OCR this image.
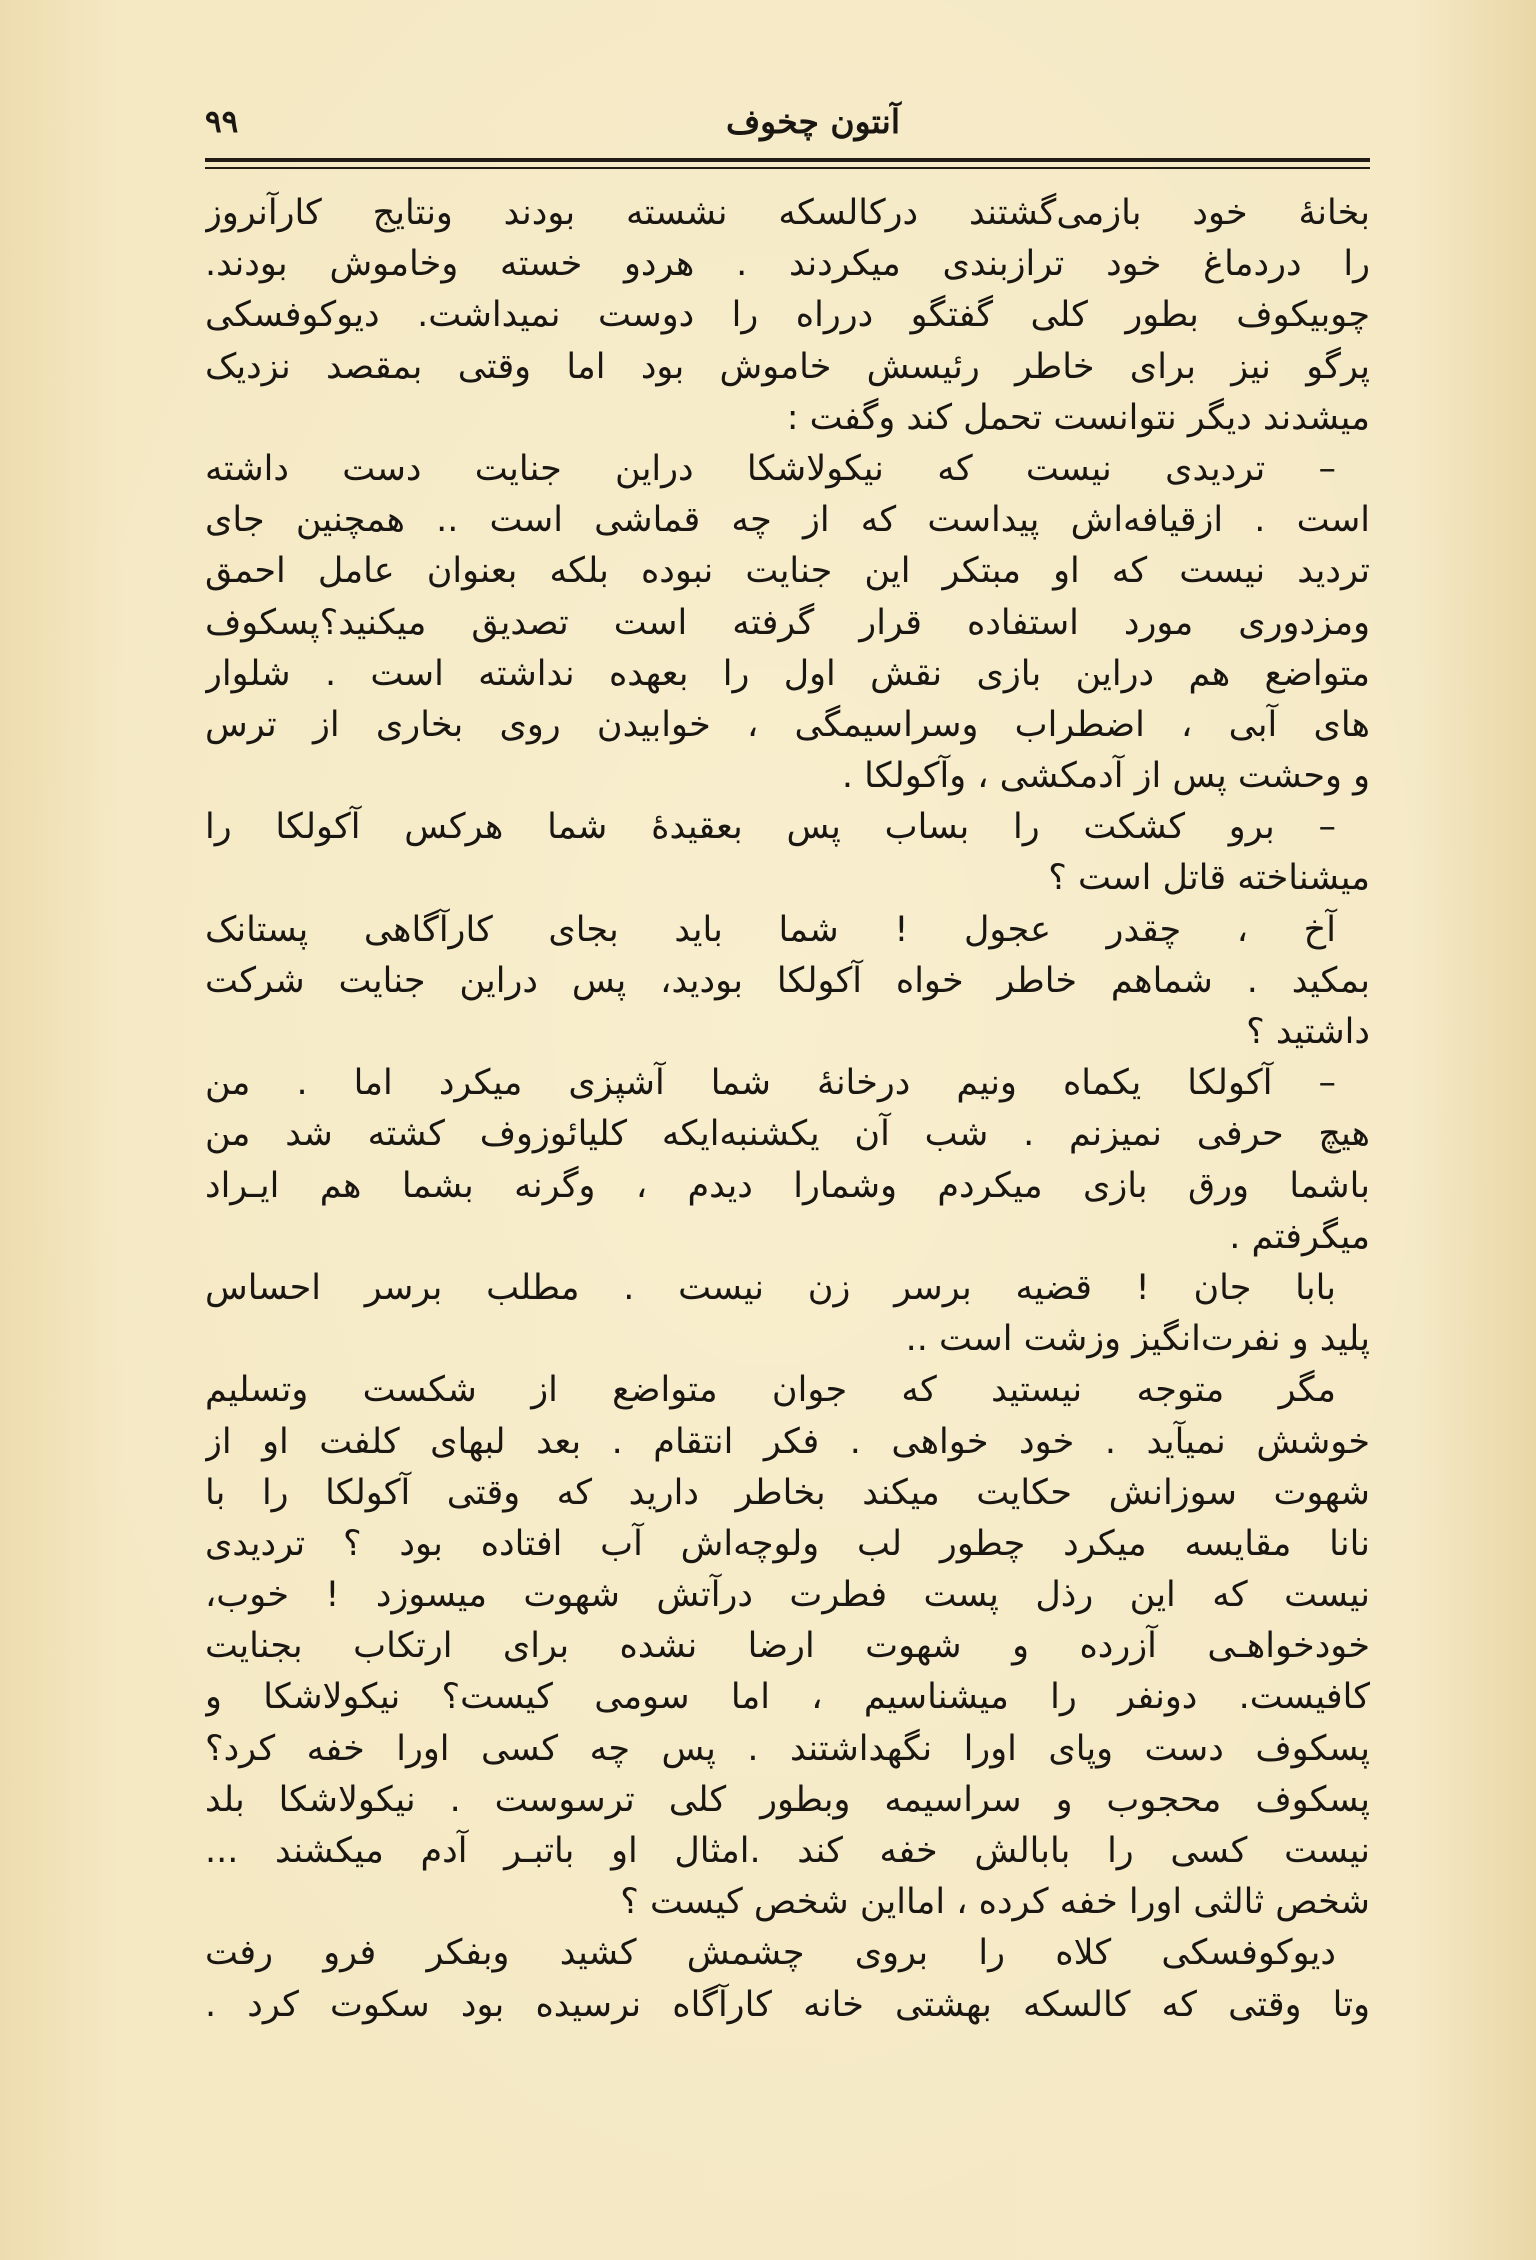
آنتون چخوف
۹۹
بخانهٔ خود بازمی‌گشتند درکالسکه نشسته بودند ونتایج کارآنروز
را دردماغ خود ترازبندی میکردند . هردو خسته وخاموش بودند.
چوبیکوف بطور کلی گفتگو درراه را دوست نمیداشت. دیوکوفسکی
پرگو نیز برای خاطر رئیسش خاموش بود اما وقتی بمقصد نزدیک
میشدند دیگر نتوانست تحمل کند وگفت :
– تردیدی نیست که نیکولاشکا دراین جنایت دست داشته
است . ازقیافه‌اش پیداست که از چه قماشی است .. همچنین جای
تردید نیست که او مبتکر این جنایت نبوده بلکه بعنوان عامل احمق
ومزدوری مورد استفاده قرار گرفته است تصدیق میکنید؟پسکوف
متواضع هم دراین بازی نقش اول را بعهده نداشته است . شلوار
های آبی ، اضطراب وسراسیمگی ، خوابیدن روی بخاری از ترس
و وحشت پس از آدمکشی ، وآکولکا .
– برو کشکت را بساب پس بعقیدهٔ شما هرکس آکولکا را
میشناخته قاتل است ؟
آخ ، چقدر عجول ! شما باید بجای کارآگاهی پستانک
بمکید . شماهم خاطر خواه آکولکا بودید، پس دراین جنایت شرکت
داشتید ؟
– آکولکا یکماه ونیم درخانهٔ شما آشپزی میکرد اما . من
هیچ حرفی نمیزنم . شب آن یکشنبه‌ایکه کلیائوزوف کشته شد من
باشما ورق بازی میکردم وشمارا دیدم ، وگرنه بشما هم ایـراد
میگرفتم .
بابا جان ! قضیه برسر زن نیست . مطلب برسر احساس
پلید و نفرت‌انگیز وزشت است ..
مگر متوجه نیستید که جوان متواضع از شکست وتسلیم
خوشش نمیآید . خود خواهی . فکر انتقام . بعد لبهای کلفت او از
شهوت سوزانش حکایت میکند بخاطر دارید که وقتی آکولکا را با
نانا مقایسه میکرد چطور لب ولوچه‌اش آب افتاده بود ؟ تردیدی
نیست که این رذل پست فطرت درآتش شهوت میسوزد ! خوب،
خودخواهـی آزرده و شهوت ارضا نشده برای ارتکاب بجنایت
کافیست. دونفر را میشناسیم ، اما سومی کیست؟ نیکولاشکا و
پسکوف دست وپای اورا نگهداشتند . پس چه کسی اورا خفه کرد؟
پسکوف محجوب و سراسیمه وبطور کلی ترسوست . نیکولاشکا بلد
نیست کسی را بابالش خفه کند .امثال او باتبـر آدم میکشند ...
شخص ثالثی اورا خفه کرده ، امااین شخص کیست ؟
دیوکوفسکی کلاه را بروی چشمش کشید وبفکر فرو رفت
وتا وقتی که کالسکه بهشتی خانه کارآگاه نرسیده بود سکوت کرد .
